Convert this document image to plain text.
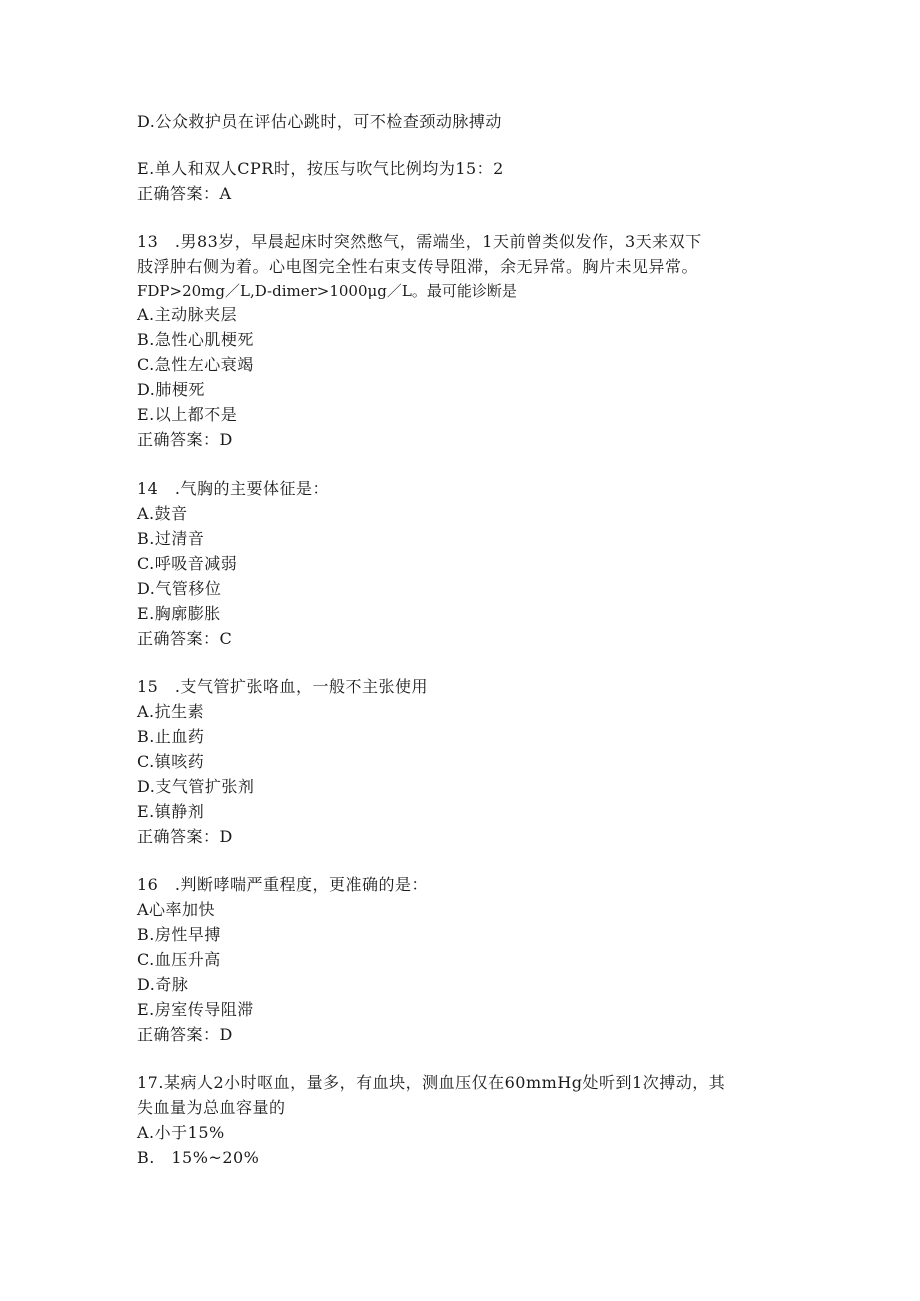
D.公众救护员在评估心跳时，可不检查颈动脉搏动
E.单人和双人CPR时，按压与吹气比例均为15：2
正确答案：A
13　.男83岁，早晨起床时突然憋气，需端坐，1天前曾类似发作，3天来双下
肢浮肿右侧为着。心电图完全性右束支传导阻滞，余无异常。胸片未见异常。
FDP>20mg／L,D-dimer>1000μg／L。最可能诊断是
A.主动脉夹层
B.急性心肌梗死
C.急性左心衰竭
D.肺梗死
E.以上都不是
正确答案：D
14　.气胸的主要体征是：
A.鼓音
B.过清音
C.呼吸音减弱
D.气管移位
E.胸廓膨胀
正确答案：C
15　.支气管扩张咯血，一般不主张使用
A.抗生素
B.止血药
C.镇咳药
D.支气管扩张剂
E.镇静剂
正确答案：D
16　.判断哮喘严重程度，更准确的是：
A心率加快
B.房性早搏
C.血压升高
D.奇脉
E.房室传导阻滞
正确答案：D
17.某病人2小时呕血，量多，有血块，测血压仅在60mmHg处听到1次搏动，其
失血量为总血容量的
A.小于15%
B.　15%~20%
